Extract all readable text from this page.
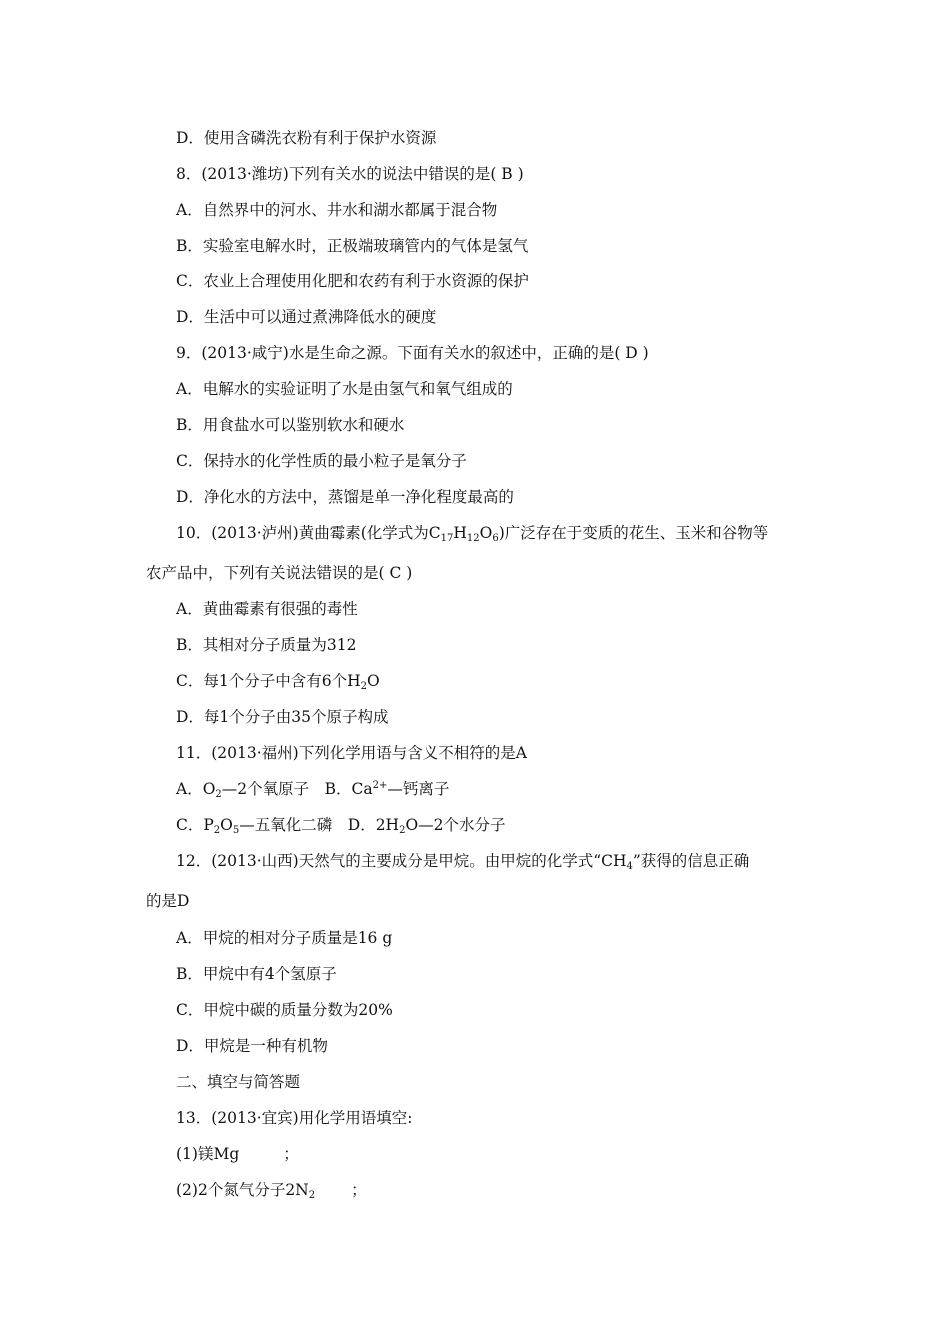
D．使用含磷洗衣粉有利于保护水资源
8．(2013·潍坊)下列有关水的说法中错误的是( B )
A．自然界中的河水、井水和湖水都属于混合物
B．实验室电解水时，正极端玻璃管内的气体是氢气
C．农业上合理使用化肥和农药有利于水资源的保护
D．生活中可以通过煮沸降低水的硬度
9．(2013·咸宁)水是生命之源。下面有关水的叙述中，正确的是( D )
A．电解水的实验证明了水是由氢气和氧气组成的
B．用食盐水可以鉴别软水和硬水
C．保持水的化学性质的最小粒子是氧分子
D．净化水的方法中，蒸馏是单一净化程度最高的
10．(2013·泸州)黄曲霉素(化学式为$C_{17}H_{12}O_6$)广泛存在于变质的花生、玉米和谷物等
农产品中，下列有关说法错误的是( C )
A．黄曲霉素有很强的毒性
B．其相对分子质量为312
C．每1个分子中含有6个$H_2O$
D．每1个分子由35个原子构成
11．(2013·福州)下列化学用语与含义不相符的是A
A．$O_2—2$个氧原子　B．$Ca^{2+}—$钙离子
C．$P_2O_5—$五氧化二磷　D．$2H_2O—2$个水分子
12．(2013·山西)天然气的主要成分是甲烷。由甲烷的化学式“$CH_4$”获得的信息正确
的是D
A．甲烷的相对分子质量是16 g
B．甲烷中有4个氢原子
C．甲烷中碳的质量分数为20%
D．甲烷是一种有机物
二、填空与简答题
13．(2013·宜宾)用化学用语填空:
(1)镁Mg	；
(2)2个氮气分子$2N_2$ ；
